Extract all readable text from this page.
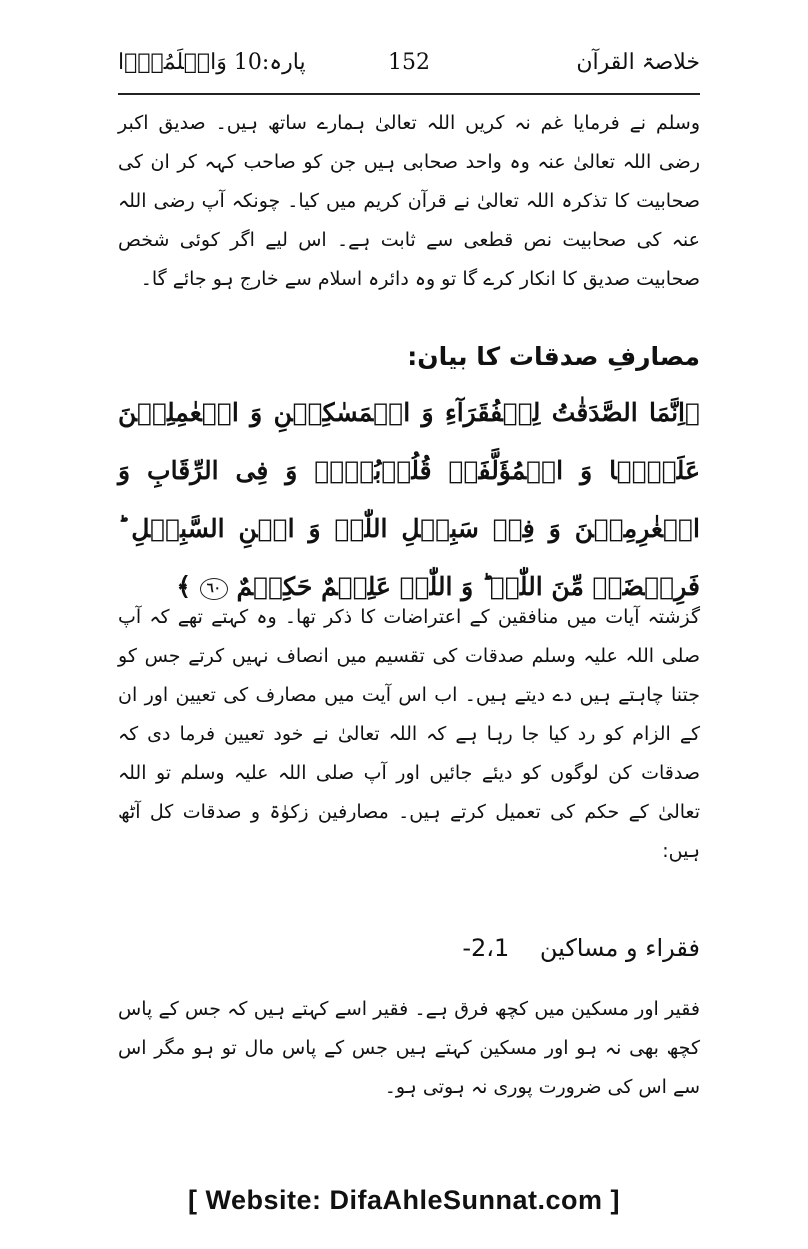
خلاصۃ القرآن
152
پارہ:10 وَاعۡلَمُوۡٓا

وسلم نے فرمایا غم نہ کریں اللہ تعالیٰ ہمارے ساتھ ہیں۔ صدیق اکبر رضی اللہ تعالیٰ عنہ وہ واحد صحابی ہیں جن کو صاحب کہہ کر ان کی صحابیت کا تذکرہ اللہ تعالیٰ نے قرآن کریم میں کیا۔ چونکہ آپ رضی اللہ عنہ کی صحابیت نص قطعی سے ثابت ہے۔ اس لیے اگر کوئی شخص صحابیت صدیق کا انکار کرے گا تو وہ دائرہ اسلام سے خارج ہو جائے گا۔

مصارفِ صدقات کا بیان:
﴿اِنَّمَا الصَّدَقٰتُ لِلۡفُقَرَآءِ وَ الۡمَسٰکِیۡنِ وَ الۡعٰمِلِیۡنَ عَلَیۡہَا وَ الۡمُؤَلَّفَۃِ قُلُوۡبُہُمۡ وَ فِی الرِّقَابِ وَ الۡغٰرِمِیۡنَ وَ فِیۡ سَبِیۡلِ اللّٰہِ وَ ابۡنِ السَّبِیۡلِ ؕ فَرِیۡضَۃً مِّنَ اللّٰہِ ؕ وَ اللّٰہُ عَلِیۡمٌ حَکِیۡمٌ ٦٠ ﴾

گزشتہ آیات میں منافقین کے اعتراضات کا ذکر تھا۔ وہ کہتے تھے کہ آپ صلی اللہ علیہ وسلم صدقات کی تقسیم میں انصاف نہیں کرتے جس کو جتنا چاہتے ہیں دے دیتے ہیں۔ اب اس آیت میں مصارف کی تعیین اور ان کے الزام کو رد کیا جا رہا ہے کہ اللہ تعالیٰ نے خود تعیین فرما دی کہ صدقات کن لوگوں کو دیئے جائیں اور آپ صلی اللہ علیہ وسلم تو اللہ تعالیٰ کے حکم کی تعمیل کرتے ہیں۔ مصارفین زکوٰۃ و صدقات کل آٹھ ہیں:

فقراء و مساکین    2،1-

فقیر اور مسکین میں کچھ فرق ہے۔ فقیر اسے کہتے ہیں کہ جس کے پاس کچھ بھی نہ ہو اور مسکین کہتے ہیں جس کے پاس مال تو ہو مگر اس سے اس کی ضرورت پوری نہ ہوتی ہو۔

[ Website: DifaAhleSunnat.com ]
